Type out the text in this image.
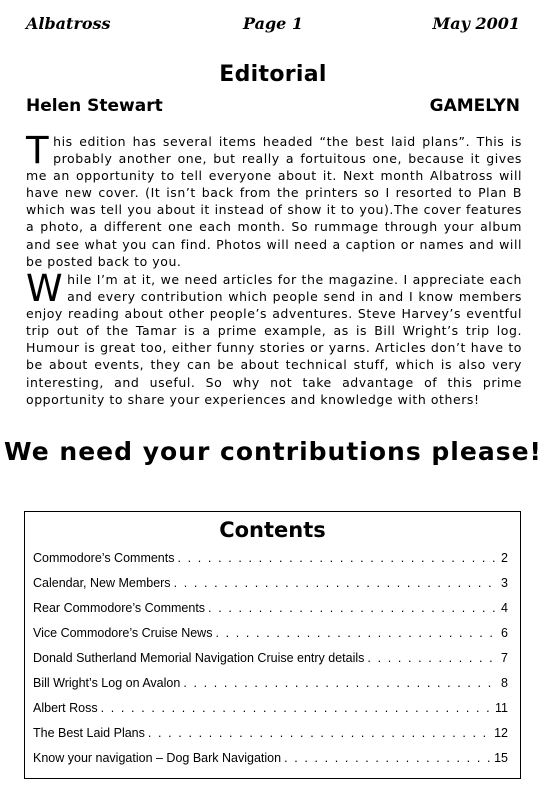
Albatross	Page 1	May 2001
Editorial
Helen Stewart	GAMELYN

This edition has several items headed “the best laid plans”. This is probably another one, but really a fortuitous one, because it gives me an opportunity to tell everyone about it. Next month Albatross will have new cover. (It isn’t back from the printers so I resorted to Plan B which was tell you about it instead of show it to you).The cover features a photo, a different one each month. So rummage through your album and see what you can find. Photos will need a caption or names and will be posted back to you.

While I’m at it, we need articles for the magazine. I appreciate each and every contribution which people send in and I know members enjoy reading about other people’s adventures. Steve Harvey’s eventful trip out of the Tamar is a prime example, as is Bill Wright’s trip log. Humour is great too, either funny stories or yarns. Articles don’t have to be about events, they can be about technical stuff, which is also very interesting, and useful. So why not take advantage of this prime opportunity to share your experiences and knowledge with others!

We need your contributions please!
Contents
Commodore’s Comments . . .	2
Calendar, New Members . . .	3
Rear Commodore’s Comments . . .	4
Vice Commodore’s Cruise News . . .	6
Donald Sutherland Memorial Navigation Cruise entry details . . .	7
Bill Wright’s Log on Avalon . . .	8
Albert Ross . . .	11
The Best Laid Plans . . .	12
Know your navigation – Dog Bark Navigation . . .	15
